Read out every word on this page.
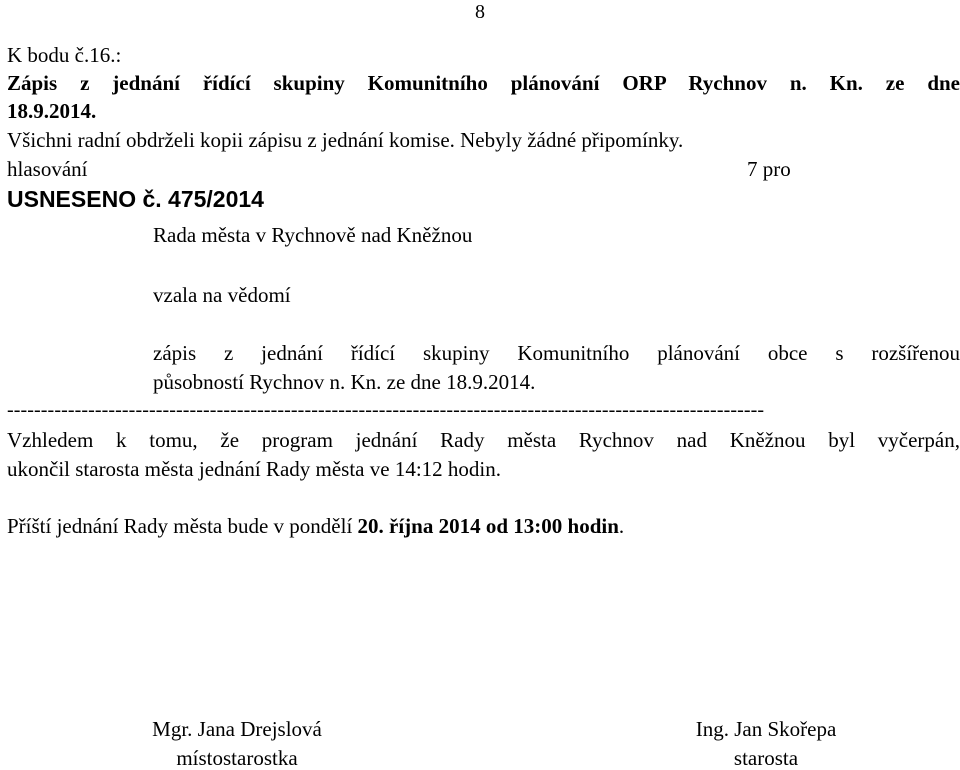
8
K bodu č.16.:
Zápis z jednání řídící skupiny Komunitního plánování ORP Rychnov n. Kn. ze dne
18.9.2014.
Všichni radní obdrželi kopii zápisu z jednání komise. Nebyly žádné připomínky.
hlasování	7 pro
USNESENO č. 475/2014
Rada města v Rychnově nad Kněžnou
vzala na vědomí
zápis z jednání řídící skupiny Komunitního plánování obce s rozšířenou
působností Rychnov n. Kn. ze dne 18.9.2014.
----------------------------------------------------------------------------------------------------------------
Vzhledem k tomu, že program jednání Rady města Rychnov nad Kněžnou byl vyčerpán,
ukončil starosta města jednání Rady města ve 14:12 hodin.
Příští jednání Rady města bude v pondělí 20. října 2014 od 13:00 hodin.
Mgr. Jana Drejslová
místostarostka
Ing. Jan Skořepa
starosta
